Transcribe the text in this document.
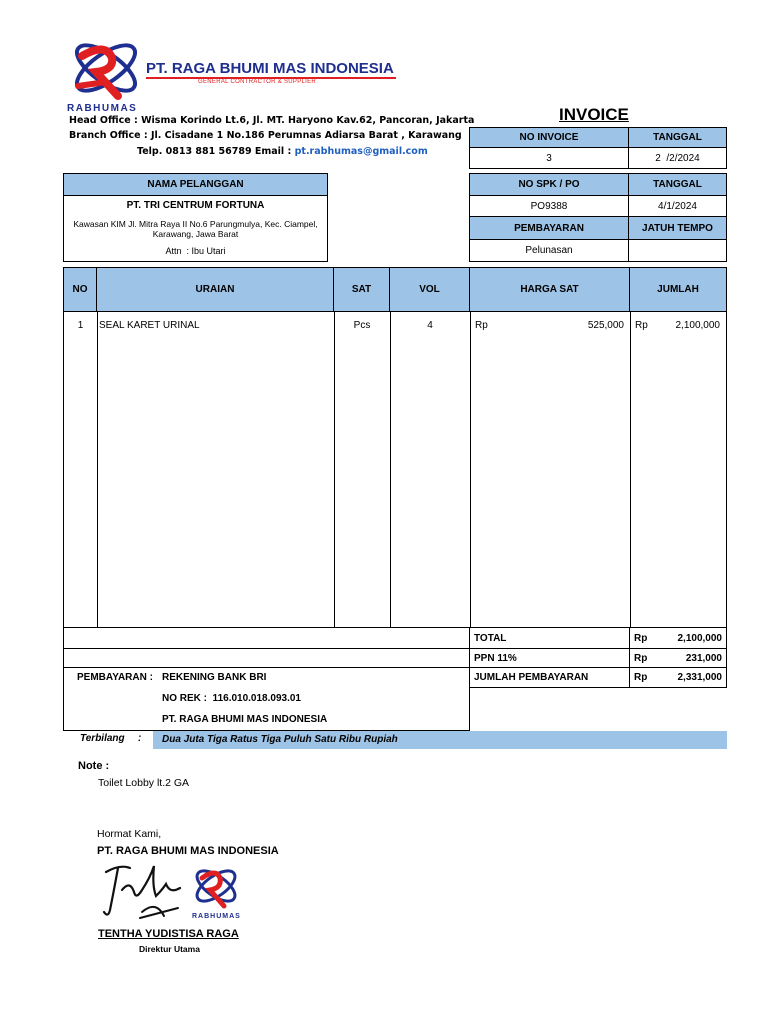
RABHUMAS
PT. RAGA BHUMI MAS INDONESIA
GENERAL CONTRACTOR & SUPPLIER
Head Office : Wisma Korindo Lt.6, Jl. MT. Haryono Kav.62, Pancoran, Jakarta
Branch Office : Jl. Cisadane 1 No.186 Perumnas Adiarsa Barat , Karawang
Telp. 0813 881 56789 Email : pt.rabhumas@gmail.com
INVOICE
NO INVOICE	TANGGAL
3	2  /2/2024
NO SPK / PO	TANGGAL
PO9388	4/1/2024
PEMBAYARAN	JATUH TEMPO
Pelunasan
NAMA PELANGGAN
PT. TRI CENTRUM FORTUNA
Kawasan KIM Jl. Mitra Raya II No.6 Parungmulya, Kec. Ciampel,
Karawang, Jawa Barat
Attn  : Ibu Utari
NO	URAIAN	SAT	VOL	HARGA SAT	JUMLAH
1	SEAL KARET URINAL	Pcs	4	Rp	525,000 Rp	2,100,000
PEMBAYARAN : REKENING BANK BRI
NO REK :  116.010.018.093.01
PT. RAGA BHUMI MAS INDONESIA
TOTAL	Rp	2,100,000
PPN 11%	Rp	231,000
JUMLAH PEMBAYARAN	Rp	2,331,000
Terbilang : Dua Juta Tiga Ratus Tiga Puluh Satu Ribu Rupiah
Note :
Toilet Lobby lt.2 GA
Hormat Kami,
PT. RAGA BHUMI MAS INDONESIA
RABHUMAS
TENTHA YUDISTISA RAGA
Direktur Utama
